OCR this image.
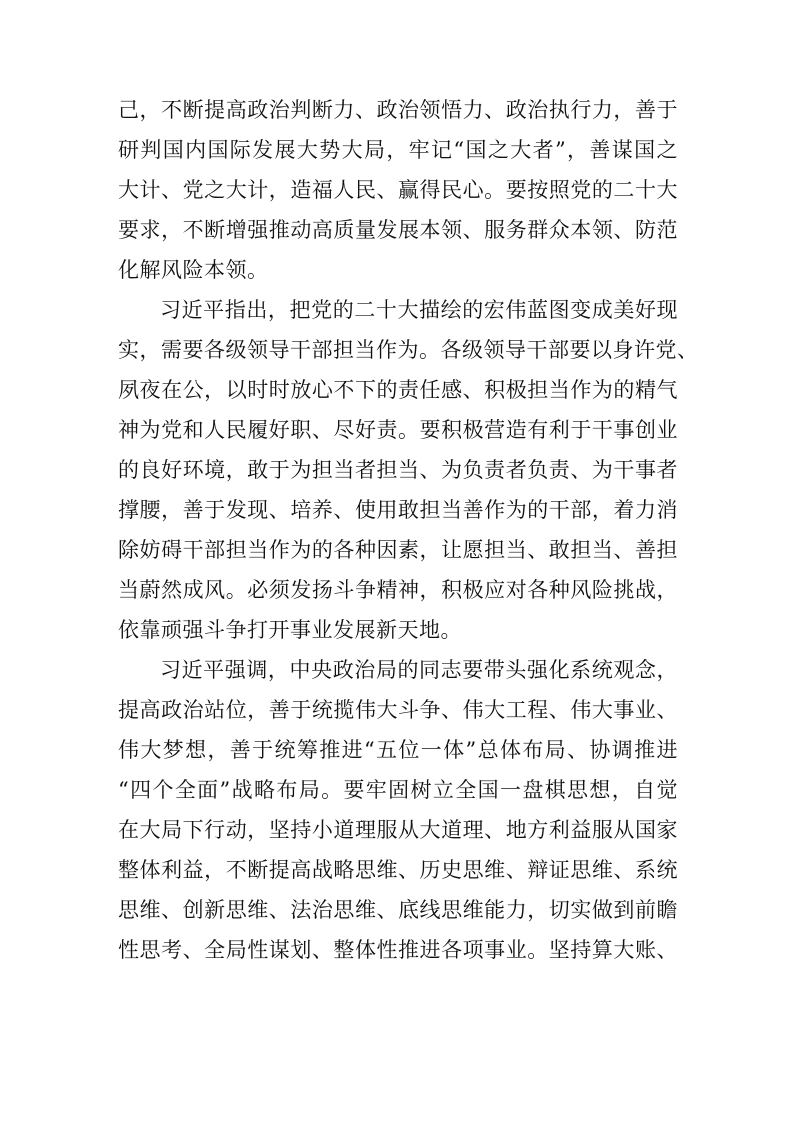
己，不断提高政治判断力、政治领悟力、政治执行力，善于
研判国内国际发展大势大局，牢记“国之大者”，善谋国之
大计、党之大计，造福人民、赢得民心。要按照党的二十大
要求，不断增强推动高质量发展本领、服务群众本领、防范
化解风险本领。
习近平指出，把党的二十大描绘的宏伟蓝图变成美好现
实，需要各级领导干部担当作为。各级领导干部要以身许党、
夙夜在公，以时时放心不下的责任感、积极担当作为的精气
神为党和人民履好职、尽好责。要积极营造有利于干事创业
的良好环境，敢于为担当者担当、为负责者负责、为干事者
撑腰，善于发现、培养、使用敢担当善作为的干部，着力消
除妨碍干部担当作为的各种因素，让愿担当、敢担当、善担
当蔚然成风。必须发扬斗争精神，积极应对各种风险挑战，
依靠顽强斗争打开事业发展新天地。
习近平强调，中央政治局的同志要带头强化系统观念，
提高政治站位，善于统揽伟大斗争、伟大工程、伟大事业、
伟大梦想，善于统筹推进“五位一体”总体布局、协调推进
“四个全面”战略布局。要牢固树立全国一盘棋思想，自觉
在大局下行动，坚持小道理服从大道理、地方利益服从国家
整体利益，不断提高战略思维、历史思维、辩证思维、系统
思维、创新思维、法治思维、底线思维能力，切实做到前瞻
性思考、全局性谋划、整体性推进各项事业。坚持算大账、
